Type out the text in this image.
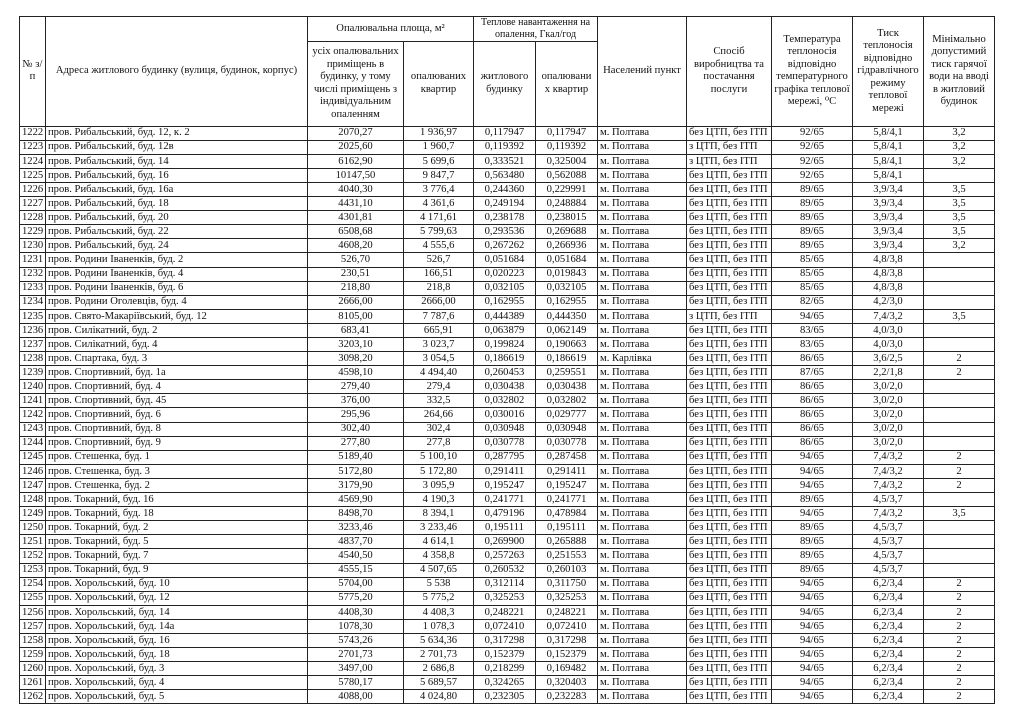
№ з/п	Адреса житлового будинку (вулиця, будинок, корпус)	Опалювальна площа, м²		Теплове навантаження на опалення, Гкал/год		Населений пункт	Спосіб виробництва та постачання послуги	Температура теплоносія відповідно температурного графіка теплової мережі, ⁰С	Тиск теплоносія відповідно гідравлічного режиму теплової мережі	Мінімально допустимий тиск гарячої води на вводі в житловий будинок
		усіх опалювальних приміщень в будинку, у тому числі приміщень з індивідуальним опаленням	опалюваних квартир	житлового будинку	опалювани х квартир					
1222	пров. Рибальський, буд. 12, к. 2	2070,27	1 936,97	0,117947	0,117947	м. Полтава	без ЦТП, без ІТП	92/65	5,8/4,1	3,2
1223	пров. Рибальський, буд. 12в	2025,60	1 960,7	0,119392	0,119392	м. Полтава	з ЦТП, без ІТП	92/65	5,8/4,1	3,2
1224	пров. Рибальський, буд. 14	6162,90	5 699,6	0,333521	0,325004	м. Полтава	з ЦТП, без ІТП	92/65	5,8/4,1	3,2
1225	пров. Рибальський, буд. 16	10147,50	9 847,7	0,563480	0,562088	м. Полтава	без ЦТП, без ІТП	92/65	5,8/4,1	
1226	пров. Рибальський, буд. 16а	4040,30	3 776,4	0,244360	0,229991	м. Полтава	без ЦТП, без ІТП	89/65	3,9/3,4	3,5
1227	пров. Рибальський, буд. 18	4431,10	4 361,6	0,249194	0,248884	м. Полтава	без ЦТП, без ІТП	89/65	3,9/3,4	3,5
1228	пров. Рибальський, буд. 20	4301,81	4 171,61	0,238178	0,238015	м. Полтава	без ЦТП, без ІТП	89/65	3,9/3,4	3,5
1229	пров. Рибальський, буд. 22	6508,68	5 799,63	0,293536	0,269688	м. Полтава	без ЦТП, без ІТП	89/65	3,9/3,4	3,5
1230	пров. Рибальський, буд. 24	4608,20	4 555,6	0,267262	0,266936	м. Полтава	без ЦТП, без ІТП	89/65	3,9/3,4	3,2
1231	пров. Родини Іваненків, буд. 2	526,70	526,7	0,051684	0,051684	м. Полтава	без ЦТП, без ІТП	85/65	4,8/3,8	
1232	пров. Родини Іваненків, буд. 4	230,51	166,51	0,020223	0,019843	м. Полтава	без ЦТП, без ІТП	85/65	4,8/3,8	
1233	пров. Родини Іваненків, буд. 6	218,80	218,8	0,032105	0,032105	м. Полтава	без ЦТП, без ІТП	85/65	4,8/3,8	
1234	пров. Родини Оголевців, буд. 4	2666,00	2666,00	0,162955	0,162955	м. Полтава	без ЦТП, без ІТП	82/65	4,2/3,0	
1235	пров. Свято-Макаріївський, буд. 12	8105,00	7 787,6	0,444389	0,444350	м. Полтава	з ЦТП, без ІТП	94/65	7,4/3,2	3,5
1236	пров. Силікатний, буд. 2	683,41	665,91	0,063879	0,062149	м. Полтава	без ЦТП, без ІТП	83/65	4,0/3,0	
1237	пров. Силікатний, буд. 4	3203,10	3 023,7	0,199824	0,190663	м. Полтава	без ЦТП, без ІТП	83/65	4,0/3,0	
1238	пров. Спартака, буд. 3	3098,20	3 054,5	0,186619	0,186619	м. Карлівка	без ЦТП, без ІТП	86/65	3,6/2,5	2
1239	пров. Спортивний, буд. 1а	4598,10	4 494,40	0,260453	0,259551	м. Полтава	без ЦТП, без ІТП	87/65	2,2/1,8	2
1240	пров. Спортивний, буд. 4	279,40	279,4	0,030438	0,030438	м. Полтава	без ЦТП, без ІТП	86/65	3,0/2,0	
1241	пров. Спортивний, буд. 45	376,00	332,5	0,032802	0,032802	м. Полтава	без ЦТП, без ІТП	86/65	3,0/2,0	
1242	пров. Спортивний, буд. 6	295,96	264,66	0,030016	0,029777	м. Полтава	без ЦТП, без ІТП	86/65	3,0/2,0	
1243	пров. Спортивний, буд. 8	302,40	302,4	0,030948	0,030948	м. Полтава	без ЦТП, без ІТП	86/65	3,0/2,0	
1244	пров. Спортивний, буд. 9	277,80	277,8	0,030778	0,030778	м. Полтава	без ЦТП, без ІТП	86/65	3,0/2,0	
1245	пров. Стешенка, буд. 1	5189,40	5 100,10	0,287795	0,287458	м. Полтава	без ЦТП, без ІТП	94/65	7,4/3,2	2
1246	пров. Стешенка, буд. 3	5172,80	5 172,80	0,291411	0,291411	м. Полтава	без ЦТП, без ІТП	94/65	7,4/3,2	2
1247	пров. Стешенка, буд. 2	3179,90	3 095,9	0,195247	0,195247	м. Полтава	без ЦТП, без ІТП	94/65	7,4/3,2	2
1248	пров. Токарний, буд. 16	4569,90	4 190,3	0,241771	0,241771	м. Полтава	без ЦТП, без ІТП	89/65	4,5/3,7	
1249	пров. Токарний, буд. 18	8498,70	8 394,1	0,479196	0,478984	м. Полтава	без ЦТП, без ІТП	94/65	7,4/3,2	3,5
1250	пров. Токарний, буд. 2	3233,46	3 233,46	0,195111	0,195111	м. Полтава	без ЦТП, без ІТП	89/65	4,5/3,7	
1251	пров. Токарний, буд. 5	4837,70	4 614,1	0,269900	0,265888	м. Полтава	без ЦТП, без ІТП	89/65	4,5/3,7	
1252	пров. Токарний, буд. 7	4540,50	4 358,8	0,257263	0,251553	м. Полтава	без ЦТП, без ІТП	89/65	4,5/3,7	
1253	пров. Токарний, буд. 9	4555,15	4 507,65	0,260532	0,260103	м. Полтава	без ЦТП, без ІТП	89/65	4,5/3,7	
1254	пров. Хорольський, буд. 10	5704,00	5 538	0,312114	0,311750	м. Полтава	без ЦТП, без ІТП	94/65	6,2/3,4	2
1255	пров. Хорольський, буд. 12	5775,20	5 775,2	0,325253	0,325253	м. Полтава	без ЦТП, без ІТП	94/65	6,2/3,4	2
1256	пров. Хорольський, буд. 14	4408,30	4 408,3	0,248221	0,248221	м. Полтава	без ЦТП, без ІТП	94/65	6,2/3,4	2
1257	пров. Хорольський, буд. 14а	1078,30	1 078,3	0,072410	0,072410	м. Полтава	без ЦТП, без ІТП	94/65	6,2/3,4	2
1258	пров. Хорольський, буд. 16	5743,26	5 634,36	0,317298	0,317298	м. Полтава	без ЦТП, без ІТП	94/65	6,2/3,4	2
1259	пров. Хорольський, буд. 18	2701,73	2 701,73	0,152379	0,152379	м. Полтава	без ЦТП, без ІТП	94/65	6,2/3,4	2
1260	пров. Хорольський, буд. 3	3497,00	2 686,8	0,218299	0,169482	м. Полтава	без ЦТП, без ІТП	94/65	6,2/3,4	2
1261	пров. Хорольський, буд. 4	5780,17	5 689,57	0,324265	0,320403	м. Полтава	без ЦТП, без ІТП	94/65	6,2/3,4	2
1262	пров. Хорольський, буд. 5	4088,00	4 024,80	0,232305	0,232283	м. Полтава	без ЦТП, без ІТП	94/65	6,2/3,4	2
